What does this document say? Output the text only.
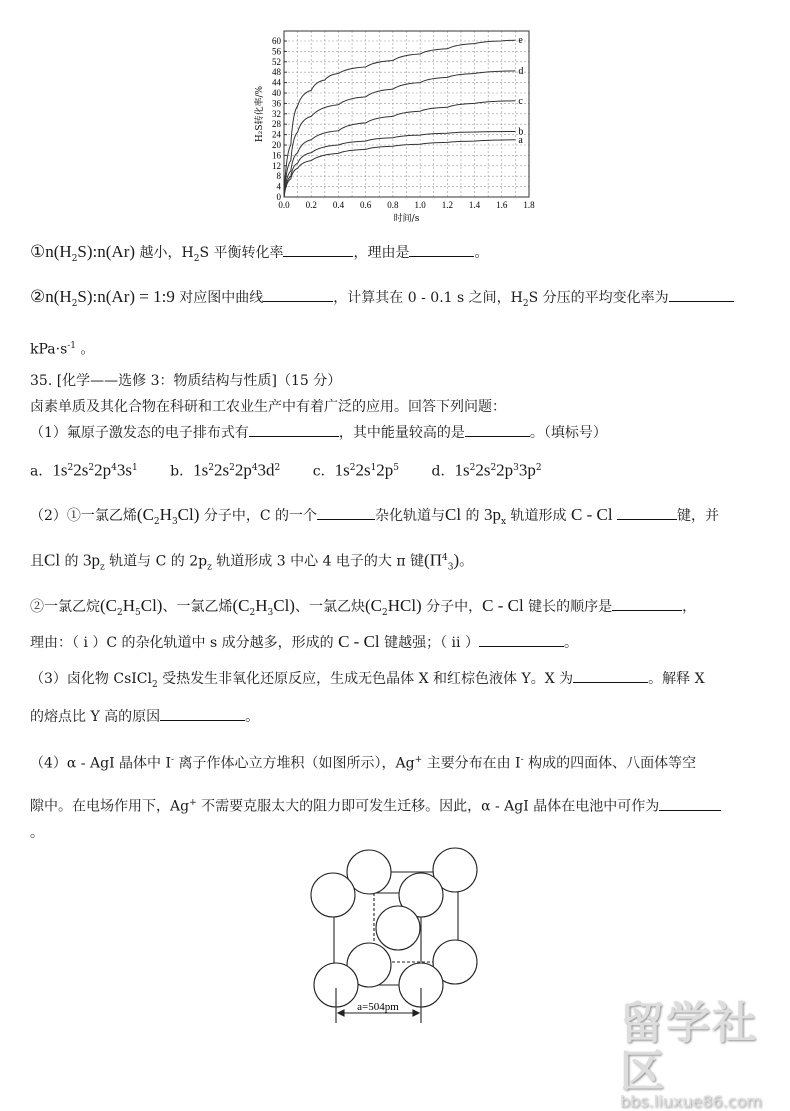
0
4
8
12
16
20
24
28
32
36
40
44
48
52
56
60
0.0 0.2 0.4 0.6 0.8 1.0 1.2 1.4 1.6 1.8
时间/s
H₂S转化率/%
e
d
c
b
a
$①n(H_2S):n(Ar)$ 越小，$H_2S$ 平衡转化率	，理由是	。
$②n(H_2S):n(Ar)$ = 1:9 对应图中曲线	，计算其在 0 - 0.1 s 之间，$H_2S$ 分压的平均变化率为
$kPa\cdot s^{-1}$ 。
35. [化学——选修 3：物质结构与性质]（15 分）
卤素单质及其化合物在科研和工农业生产中有着广泛的应用。回答下列问题：
（1）氟原子激发态的电子排布式有	，其中能量较高的是	。（填标号）
a．$1s^22s^22p^43s^1$　　 b．$1s^22s^22p^43d^2$　　 c．$1s^22s^12p^5$　　 d．$1s^22s^22p^33p^2$
（2）①一氯乙烯$(C_2H_3Cl)$ 分子中，C 的一个	杂化轨道与Cl 的 $3p_x$ 轨道形成 C - Cl	键，并
且Cl 的 $3p_z$ 轨道与 C 的 $2p_z$ 轨道形成 3 中心 4 电子的大 π 键$(\Pi^4_3)$。
②一氯乙烷$(C_2H_5Cl)$、一氯乙烯$(C_2H_3Cl)$、一氯乙炔$(C_2HCl)$ 分子中，C - Cl 键长的顺序是	，
理由：（ i ）C 的杂化轨道中 s 成分越多，形成的 C - Cl 键越强；（ ii ）	。
（3）卤化物 CsICl$_2$ 受热发生非氧化还原反应，生成无色晶体 X 和红棕色液体 Y。X 为	。解释 X
的熔点比 Y 高的原因	。
（4）α - AgI 晶体中 I- 离子作体心立方堆积（如图所示），Ag+ 主要分布在由 I- 构成的四面体、八面体等空
隙中。在电场作用下，Ag+ 不需要克服太大的阻力即可发生迁移。因此，α - AgI 晶体在电池中可作为
。
a=504pm	留学社区
bbs.liuxue86.com
